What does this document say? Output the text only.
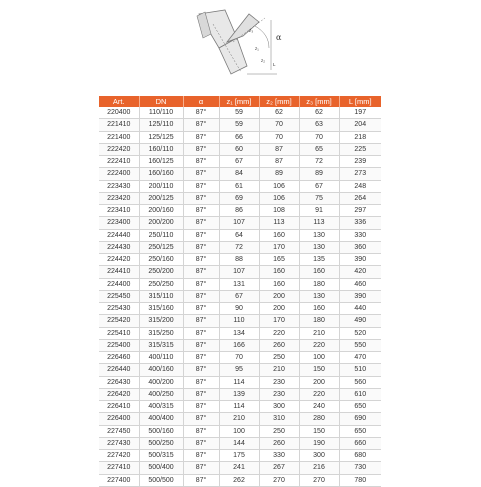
α
z₁
z₂
z₃
L
Art.	DN	α	z₁ [mm]	z₂ [mm]	z₃ [mm]	L [mm]
220400	110/110	87°	59	62	62	197
221410	125/110	87°	59	70	63	204
221400	125/125	87°	66	70	70	218
222420	160/110	87°	60	87	65	225
222410	160/125	87°	67	87	72	239
222400	160/160	87°	84	89	89	273
223430	200/110	87°	61	106	67	248
223420	200/125	87°	69	106	75	264
223410	200/160	87°	86	108	91	297
223400	200/200	87°	107	113	113	336
224440	250/110	87°	64	160	130	330
224430	250/125	87°	72	170	130	360
224420	250/160	87°	88	165	135	390
224410	250/200	87°	107	160	160	420
224400	250/250	87°	131	160	180	460
225450	315/110	87°	67	200	130	390
225430	315/160	87°	90	200	160	440
225420	315/200	87°	110	170	180	490
225410	315/250	87°	134	220	210	520
225400	315/315	87°	166	260	220	550
226460	400/110	87°	70	250	100	470
226440	400/160	87°	95	210	150	510
226430	400/200	87°	114	230	200	560
226420	400/250	87°	139	230	220	610
226410	400/315	87°	114	300	240	650
226400	400/400	87°	210	310	280	690
227450	500/160	87°	100	250	150	650
227430	500/250	87°	144	260	190	660
227420	500/315	87°	175	330	300	680
227410	500/400	87°	241	267	216	730
227400	500/500	87°	262	270	270	780
